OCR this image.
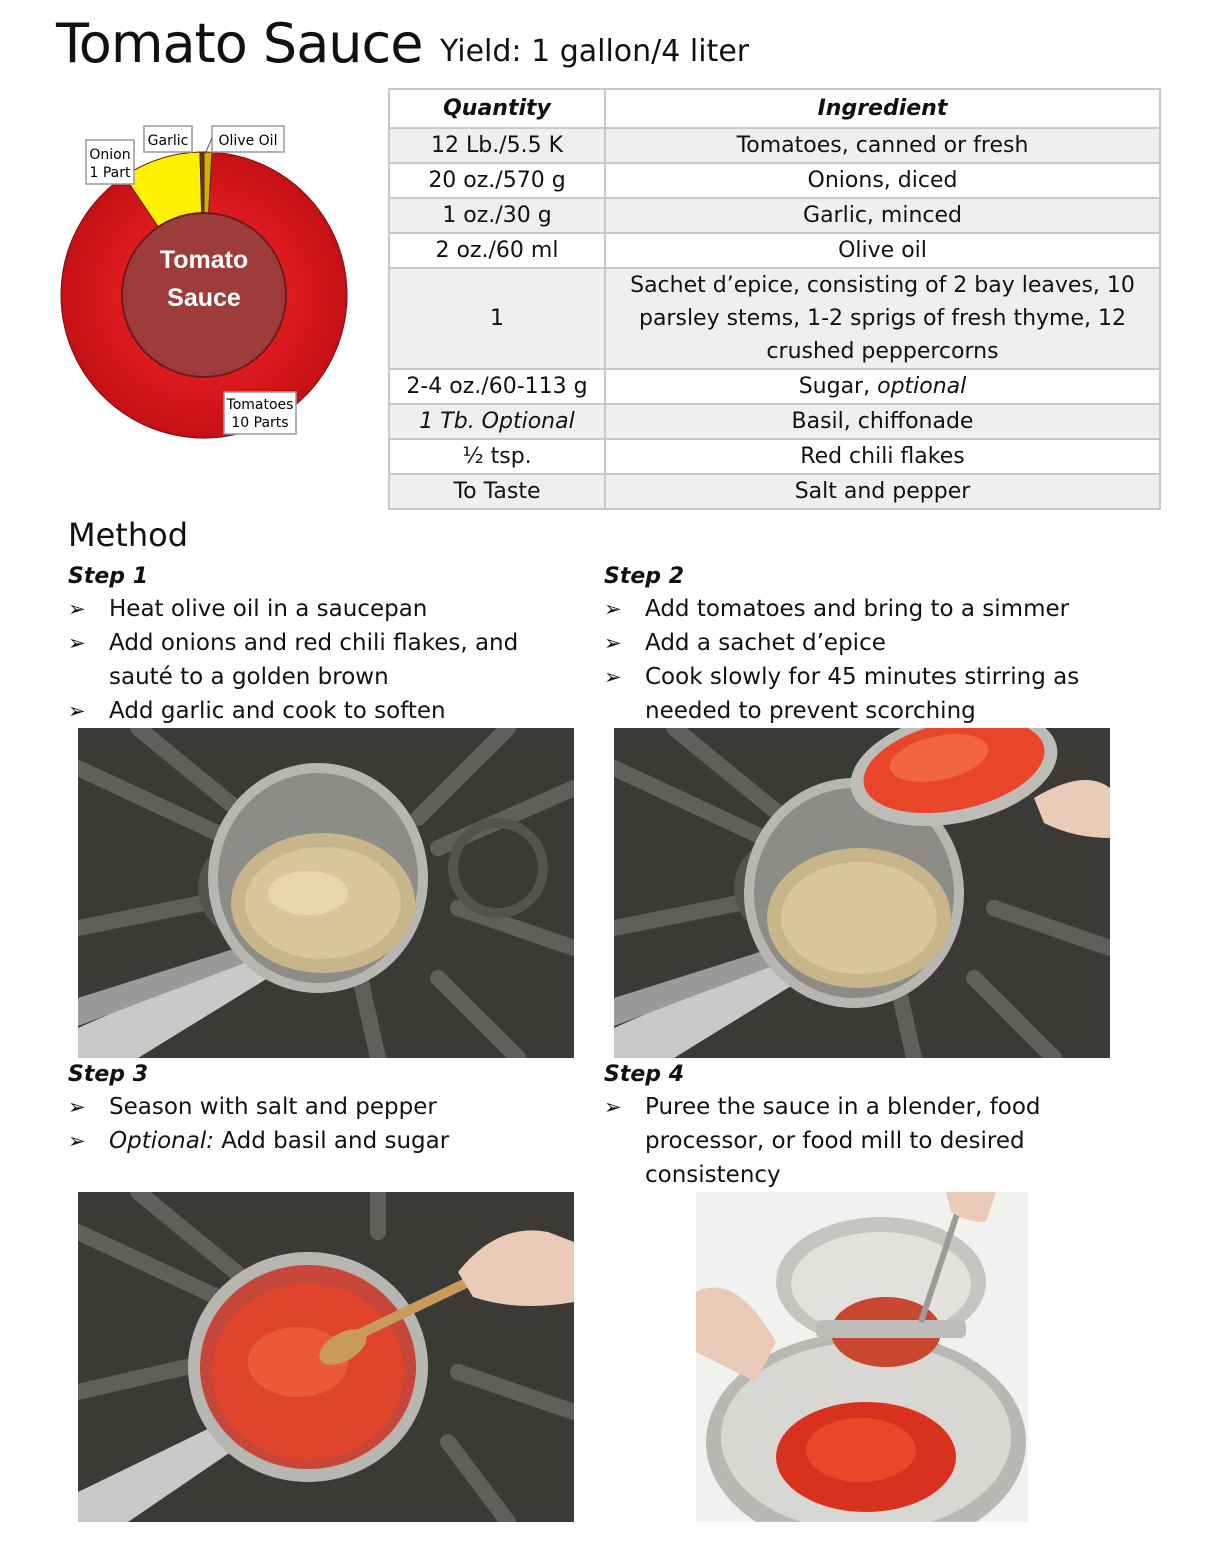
Tomato Sauce Yield: 1 gallon/4 liter
Tomato
Sauce
Onion
1 Part
Garlic Olive Oil
Tomatoes
10 Parts
Quantity	Ingredient
12 Lb./5.5 K	Tomatoes, canned or fresh
20 oz./570 g	Onions, diced
1 oz./30 g	Garlic, minced
2 oz./60 ml	Olive oil
1	Sachet d’epice, consisting of 2 bay leaves, 10 parsley stems, 1-2 sprigs of fresh thyme, 12 crushed peppercorns
2-4 oz./60-113 g	Sugar, optional
1 Tb. Optional	Basil, chiffonade
½ tsp.	Red chili flakes
To Taste	Salt and pepper
Method
Step 1
➢ Heat olive oil in a saucepan
➢ Add onions and red chili flakes, and sauté to a golden brown
➢ Add garlic and cook to soften
Step 2
➢ Add tomatoes and bring to a simmer
➢ Add a sachet d’epice
➢ Cook slowly for 45 minutes stirring as needed to prevent scorching
Step 3
➢ Season with salt and pepper
➢ Optional: Add basil and sugar
Step 4
➢ Puree the sauce in a blender, food processor, or food mill to desired consistency
